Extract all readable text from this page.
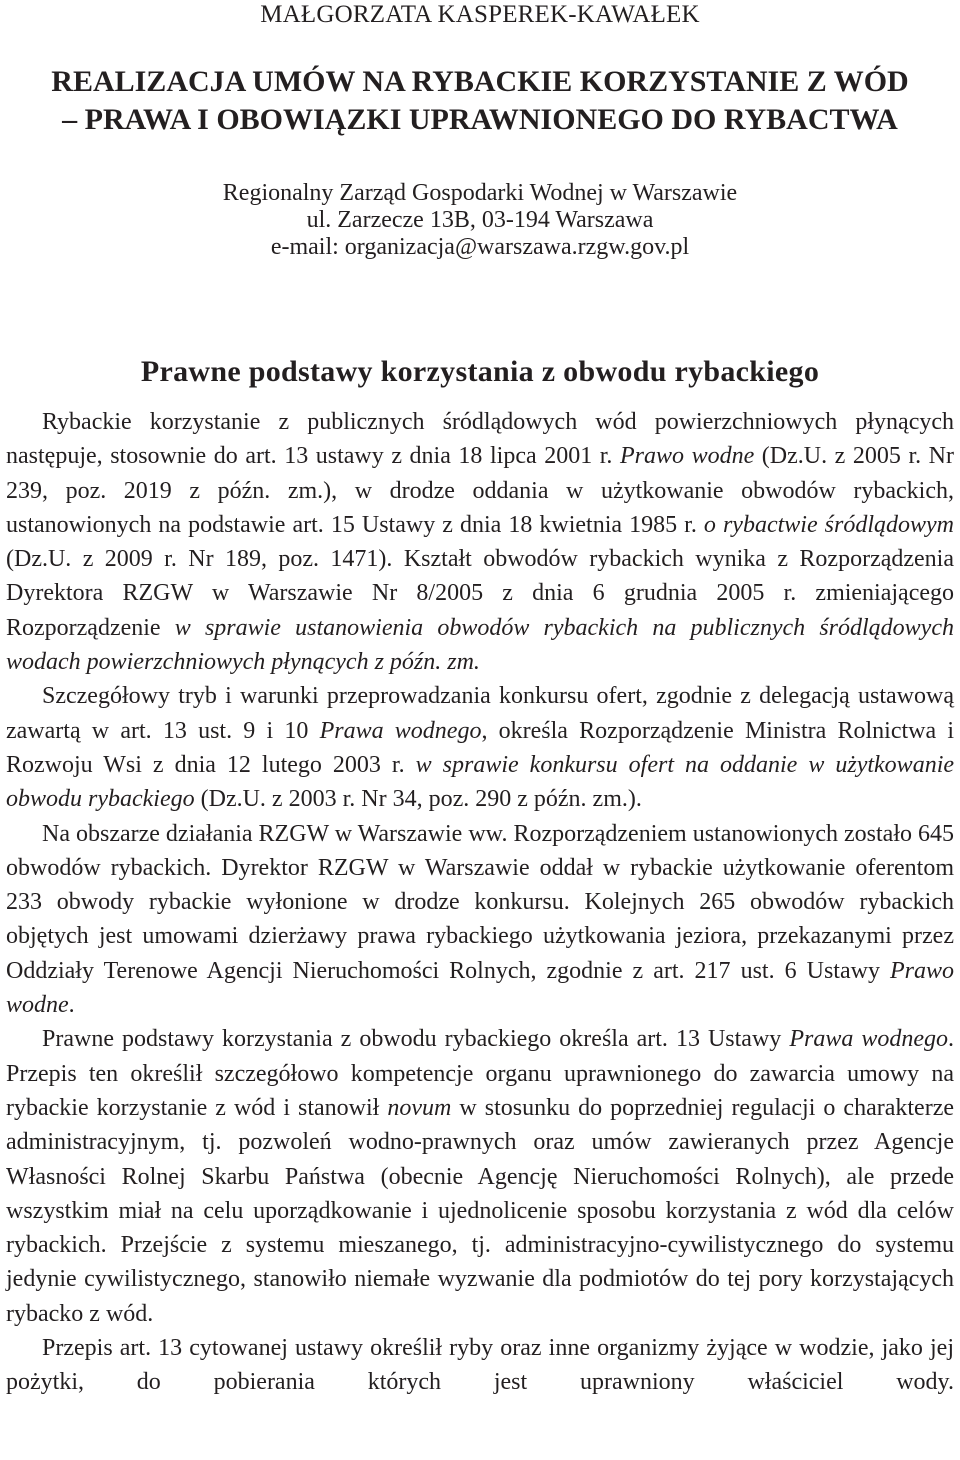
MAŁGORZATA KASPEREK-KAWAŁEK

REALIZACJA UMÓW NA RYBACKIE KORZYSTANIE Z WÓD
– PRAWA I OBOWIĄZKI UPRAWNIONEGO DO RYBACTWA
Regionalny Zarząd Gospodarki Wodnej w Warszawie
ul. Zarzecze 13B, 03-194 Warszawa
e-mail: organizacja@warszawa.rzgw.gov.pl
Prawne podstawy korzystania z obwodu rybackiego

Rybackie korzystanie z publicznych śródlądowych wód powierzchniowych płynących następuje, stosownie do art. 13 ustawy z dnia 18 lipca 2001 r. Prawo wodne (Dz.U. z 2005 r. Nr 239, poz. 2019 z późn. zm.), w drodze oddania w użytkowanie obwodów rybackich, ustanowionych na podstawie art. 15 Ustawy z dnia 18 kwietnia 1985 r. o rybactwie śródlądowym (Dz.U. z 2009 r. Nr 189, poz. 1471). Kształt obwodów rybackich wynika z Rozporządzenia Dyrektora RZGW w Warszawie Nr 8/2005 z dnia 6 grudnia 2005 r. zmieniającego Rozporządzenie w sprawie ustanowienia obwodów rybackich na publicznych śródlądowych wodach powierzchniowych płynących z późn. zm.

Szczegółowy tryb i warunki przeprowadzania konkursu ofert, zgodnie z delegacją ustawową zawartą w art. 13 ust. 9 i 10 Prawa wodnego, określa Rozporządzenie Ministra Rolnictwa i Rozwoju Wsi z dnia 12 lutego 2003 r. w sprawie konkursu ofert na oddanie w użytkowanie obwodu rybackiego (Dz.U. z 2003 r. Nr 34, poz. 290 z późn. zm.).

Na obszarze działania RZGW w Warszawie ww. Rozporządzeniem ustanowionych zostało 645 obwodów rybackich. Dyrektor RZGW w Warszawie oddał w rybackie użytkowanie oferentom 233 obwody rybackie wyłonione w drodze konkursu. Kolejnych 265 obwodów rybackich objętych jest umowami dzierżawy prawa rybackiego użytkowania jeziora, przekazanymi przez Oddziały Terenowe Agencji Nieruchomości Rolnych, zgodnie z art. 217 ust. 6 Ustawy Prawo wodne.

Prawne podstawy korzystania z obwodu rybackiego określa art. 13 Ustawy Prawa wodnego. Przepis ten określił szczegółowo kompetencje organu uprawnionego do zawarcia umowy na rybackie korzystanie z wód i stanowił novum w stosunku do poprzedniej regulacji o charakterze administracyjnym, tj. pozwoleń wodno-prawnych oraz umów zawieranych przez Agencje Własności Rolnej Skarbu Państwa (obecnie Agencję Nieruchomości Rolnych), ale przede wszystkim miał na celu uporządkowanie i ujednolicenie sposobu korzystania z wód dla celów rybackich. Przejście z systemu mieszanego, tj. administracyjno-cywilistycznego do systemu jedynie cywilistycznego, stanowiło niemałe wyzwanie dla podmiotów do tej pory korzystających rybacko z wód.

Przepis art. 13 cytowanej ustawy określił ryby oraz inne organizmy żyjące w wodzie, jako jej pożytki, do pobierania których jest uprawniony właściciel wody.
